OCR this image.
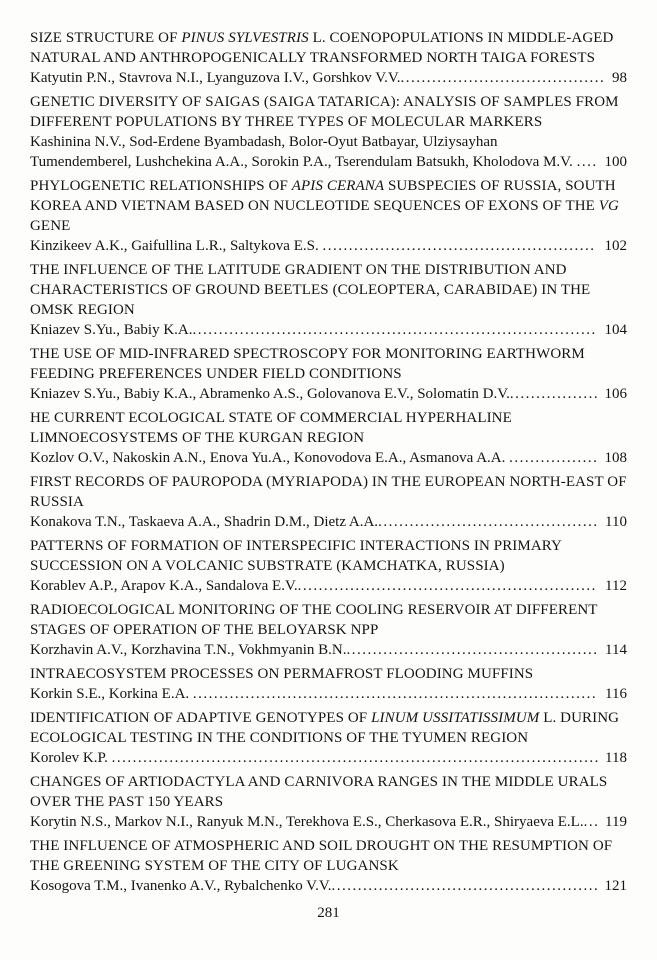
SIZE STRUCTURE OF PINUS SYLVESTRIS L. COENOPOPULATIONS IN MIDDLE-AGED NATURAL AND ANTHROPOGENICALLY TRANSFORMED NORTH TAIGA FORESTS
Katyutin P.N., Stavrova N.I., Lyanguzova I.V., Gorshkov V.V........................................ 98
GENETIC DIVERSITY OF SAIGAS (SAIGA TATARICA): ANALYSIS OF SAMPLES FROM DIFFERENT POPULATIONS BY THREE TYPES OF MOLECULAR MARKERS
Kashinina N.V., Sod-Erdene Byambadash, Bolor-Oyut Batbayar, Ulziysayhan Tumendemberel, Lushchekina A.A., Sorokin P.A., Tserendulam Batsukh, Kholodova M.V. .... 100
PHYLOGENETIC RELATIONSHIPS OF APIS CERANA SUBSPECIES OF RUSSIA, SOUTH KOREA AND VIETNAM BASED ON NUCLEOTIDE SEQUENCES OF EXONS OF THE VG GENE
Kinzikeev A.K., Gaifullina L.R., Saltykova E.S. .................................................... 102
THE INFLUENCE OF THE LATITUDE GRADIENT ON THE DISTRIBUTION AND CHARACTERISTICS OF GROUND BEETLES (COLEOPTERA, CARABIDAE) IN THE OMSK REGION
Kniazev S.Yu., Babiy K.A.............................................................................. 104
THE USE OF MID-INFRARED SPECTROSCOPY FOR MONITORING EARTHWORM FEEDING PREFERENCES UNDER FIELD CONDITIONS
Kniazev S.Yu., Babiy K.A., Abramenko A.S., Golovanova E.V., Solomatin D.V.................. 106
HE CURRENT ECOLOGICAL STATE OF COMMERCIAL HYPERHALINE LIMNOECOSYSTEMS OF THE KURGAN REGION
Kozlov O.V., Nakoskin A.N., Enova Yu.A., Konovodova E.A., Asmanova A.A. ................. 108
FIRST RECORDS OF PAUROPODA (MYRIAPODA) IN THE EUROPEAN NORTH-EAST OF RUSSIA
Konakova T.N., Taskaeva A.A., Shadrin D.M., Dietz A.A........................................... 110
PATTERNS OF FORMATION OF INTERSPECIFIC INTERACTIONS IN PRIMARY SUCCESSION ON A VOLCANIC SUBSTRATE (KAMCHATKA, RUSSIA)
Korablev A.P., Arapov K.A., Sandalova E.V.......................................................... 112
RADIOECOLOGICAL MONITORING OF THE COOLING RESERVOIR AT DIFFERENT STAGES OF OPERATION OF THE BELOYARSK NPP
Korzhavin A.V., Korzhavina T.N., Vokhmyanin B.N................................................. 114
INTRAECOSYSTEM PROCESSES ON PERMAFROST FLOODING MUFFINS
Korkin S.E., Korkina E.A. ............................................................................. 116
IDENTIFICATION OF ADAPTIVE GENOTYPES OF LINUM USSITATISSIMUM L. DURING ECOLOGICAL TESTING IN THE CONDITIONS OF THE TYUMEN REGION
Korolev K.P. ............................................................................................. 118
CHANGES OF ARTIODACTYLA AND CARNIVORA RANGES IN THE MIDDLE URALS OVER THE PAST 150 YEARS
Korytin N.S., Markov N.I., Ranyuk M.N., Terekhova E.S., Cherkasova E.R., Shiryaeva E.L.... 119
THE INFLUENCE OF ATMOSPHERIC AND SOIL DROUGHT ON THE RESUMPTION OF THE GREENING SYSTEM OF THE CITY OF LUGANSK
Kosogova T.M., Ivanenko A.V., Rybalchenko V.V.................................................... 121
281
